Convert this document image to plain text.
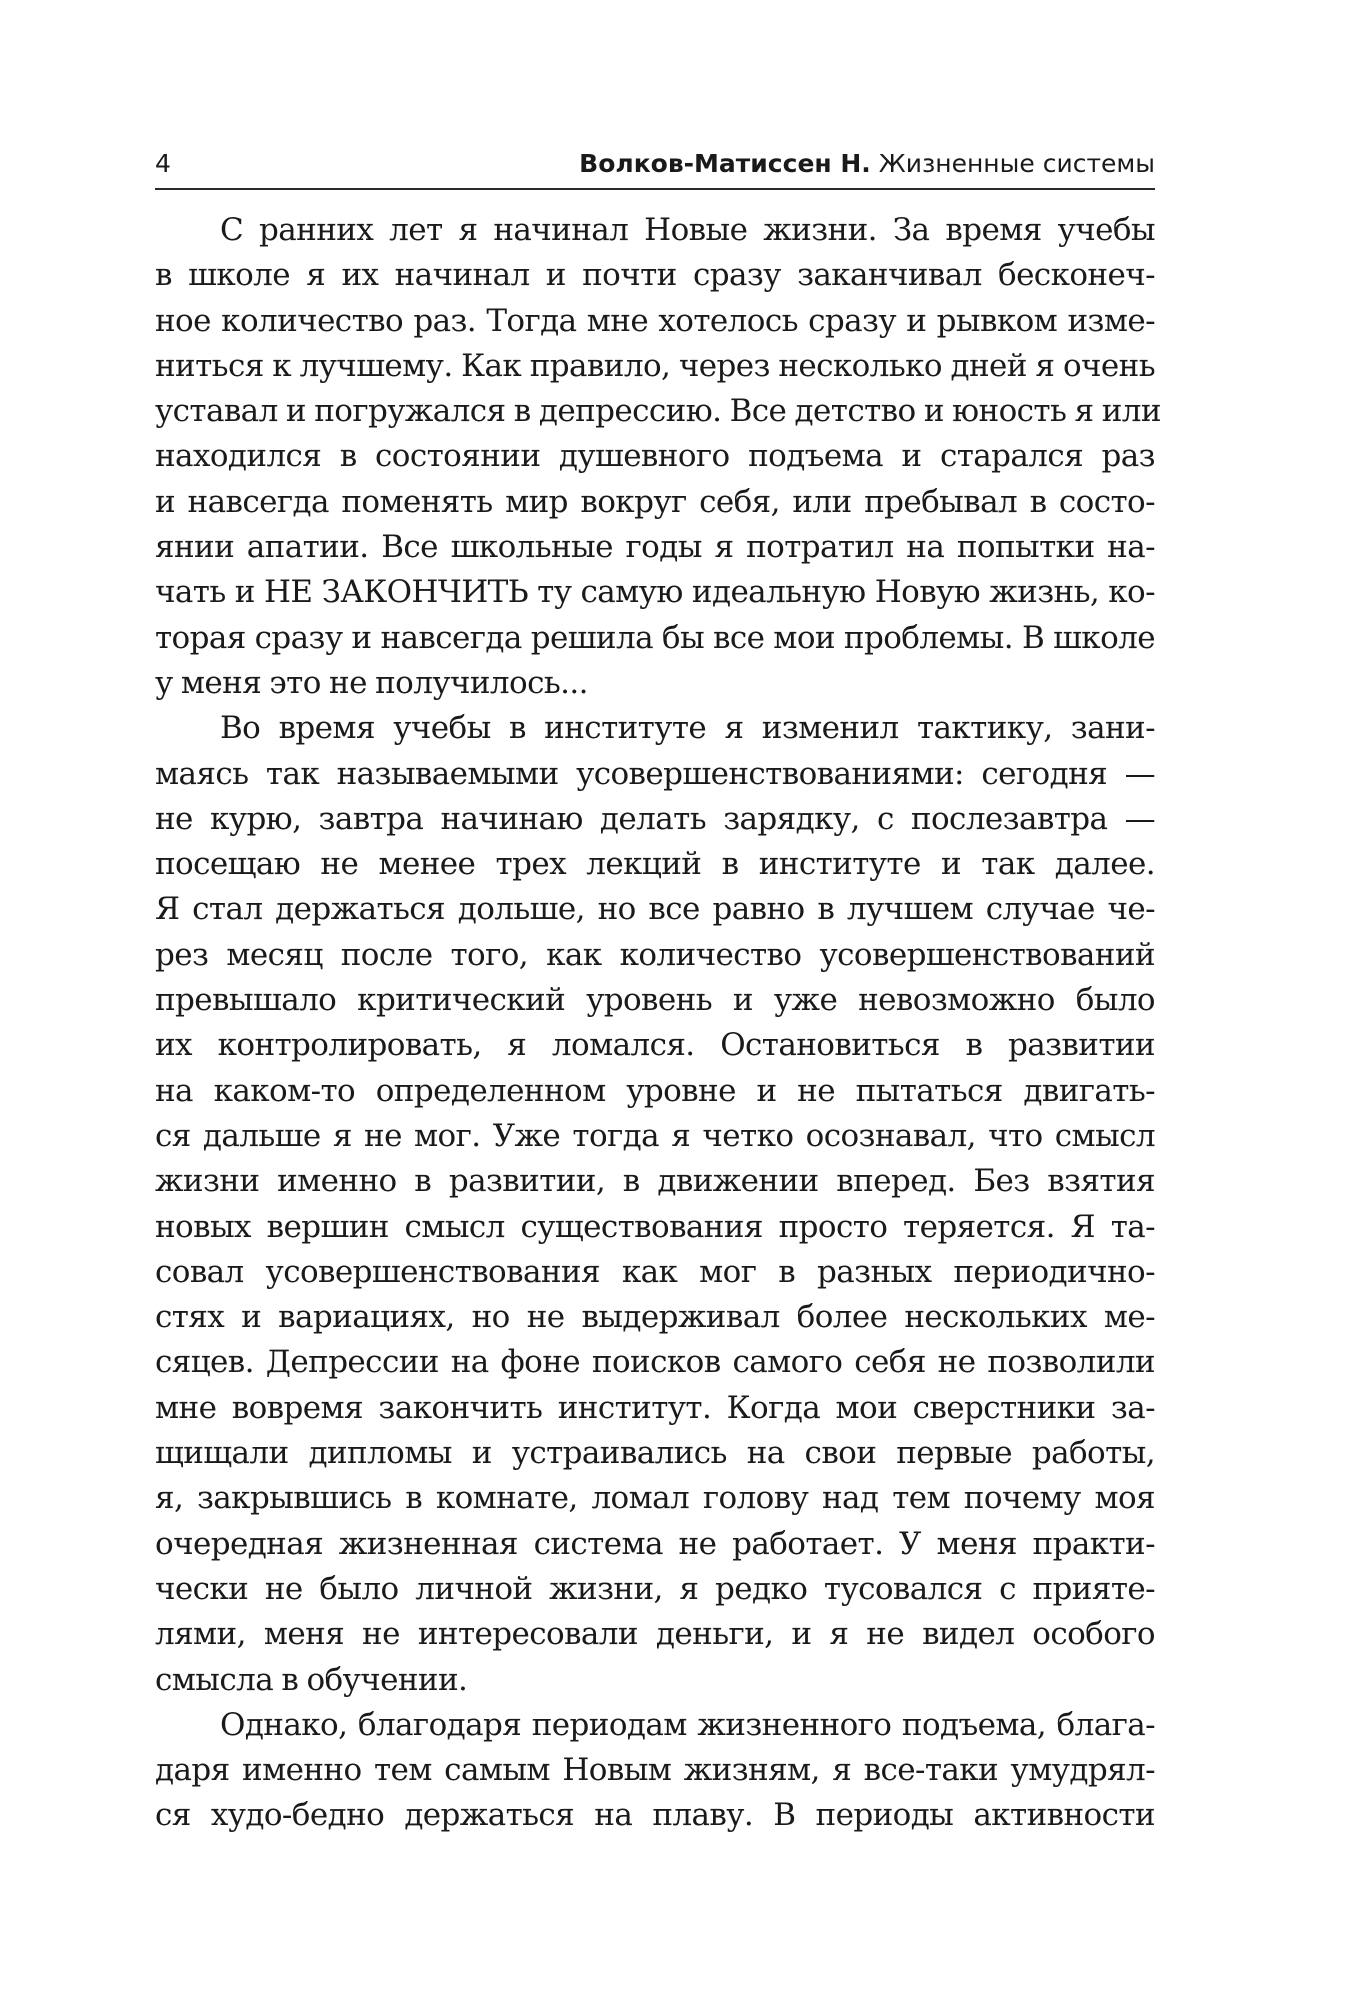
4	Волков-Матиссен Н. Жизненные системы
С ранних лет я начинал Новые жизни. За время учебы
в школе я их начинал и почти сразу заканчивал бесконеч-
ное количество раз. Тогда мне хотелось сразу и рывком изме-
ниться к лучшему. Как правило, через несколько дней я очень
уставал и погружался в депрессию. Все детство и юность я или
находился в состоянии душевного подъема и старался раз
и навсегда поменять мир вокруг себя, или пребывал в состо-
янии апатии. Все школьные годы я потратил на попытки на-
чать и НЕ ЗАКОНЧИТЬ ту самую идеальную Новую жизнь, ко-
торая сразу и навсегда решила бы все мои проблемы. В школе
у меня это не получилось...
Во время учебы в институте я изменил тактику, зани-
маясь так называемыми усовершенствованиями: сегодня —
не курю, завтра начинаю делать зарядку, с послезавтра —
посещаю не менее трех лекций в институте и так далее.
Я стал держаться дольше, но все равно в лучшем случае че-
рез месяц после того, как количество усовершенствований
превышало критический уровень и уже невозможно было
их контролировать, я ломался. Остановиться в развитии
на каком-то определенном уровне и не пытаться двигать-
ся дальше я не мог. Уже тогда я четко осознавал, что смысл
жизни именно в развитии, в движении вперед. Без взятия
новых вершин смысл существования просто теряется. Я та-
совал усовершенствования как мог в разных периодично-
стях и вариациях, но не выдерживал более нескольких ме-
сяцев. Депрессии на фоне поисков самого себя не позволили
мне вовремя закончить институт. Когда мои сверстники за-
щищали дипломы и устраивались на свои первые работы,
я, закрывшись в комнате, ломал голову над тем почему моя
очередная жизненная система не работает. У меня практи-
чески не было личной жизни, я редко тусовался с прияте-
лями, меня не интересовали деньги, и я не видел особого
смысла в обучении.
Однако, благодаря периодам жизненного подъема, блага-
даря именно тем самым Новым жизням, я все-таки умудрял-
ся худо-бедно держаться на плаву. В периоды активности
